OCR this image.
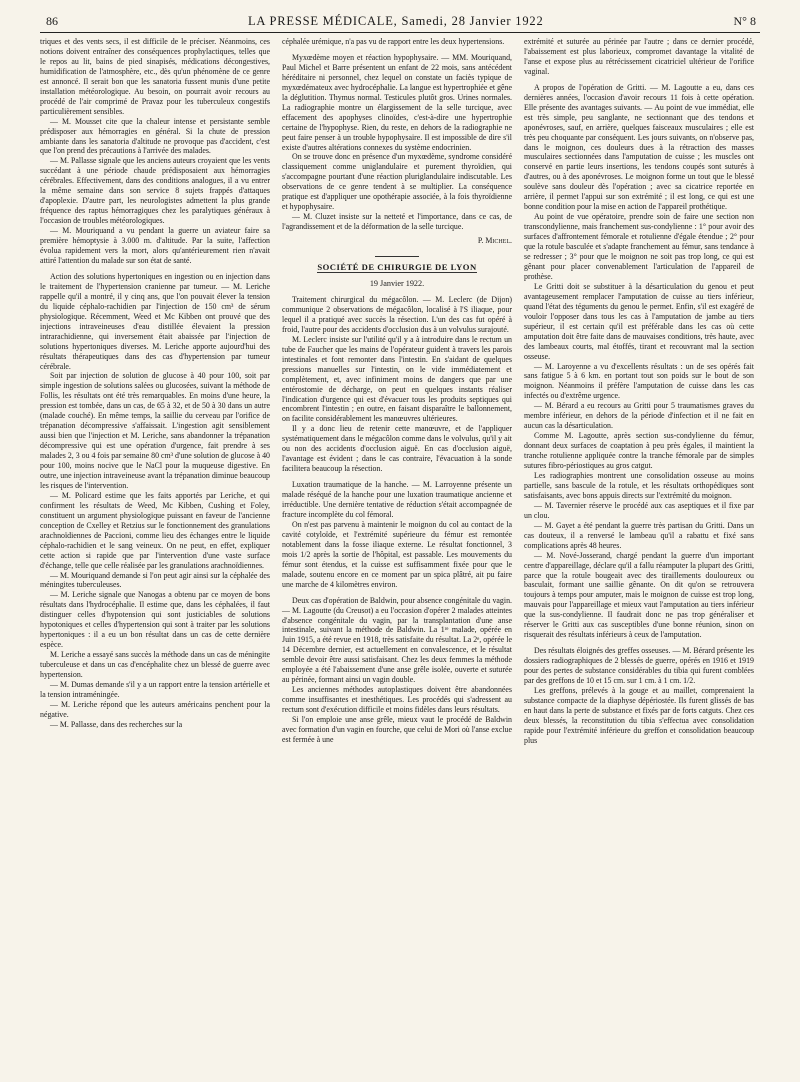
86	LA PRESSE MÉDICALE, Samedi, 28 Janvier 1922	N° 8

triques et des vents secs, il est difficile de le préciser. Néanmoins, ces notions doivent entraîner des conséquences prophylactiques, telles que le repos au lit, bains de pied sinapisés, médications décongestives, humidification de l'atmosphère, etc., dès qu'un phénomène de ce genre est annoncé. Il serait bon que les sanatoria fussent munis d'une petite installation météorologique. Au besoin, on pourrait avoir recours au procédé de l'air comprimé de Pravaz pour les tuberculeux congestifs particulièrement sensibles.

— M. Mousset cite que la chaleur intense et persistante semble prédisposer aux hémorragies en général. Si la chute de pression ambiante dans les sanatoria d'altitude ne provoque pas d'accident, c'est que l'on prend des précautions à l'arrivée des malades.

— M. Pallasse signale que les anciens auteurs croyaient que les vents succédant à une période chaude prédisposaient aux hémorragies cérébrales. Effectivement, dans des conditions analogues, il a vu entrer la même semaine dans son service 8 sujets frappés d'attaques d'apoplexie. D'autre part, les neurologistes admettent la plus grande fréquence des raptus hémorragiques chez les paralytiques généraux à l'occasion de troubles météorologiques.

— M. Mouriquand a vu pendant la guerre un aviateur faire sa première hémoptysie à 3.000 m. d'altitude. Par la suite, l'affection évolua rapidement vers la mort, alors qu'antérieurement rien n'avait attiré l'attention du malade sur son état de santé.

Action des solutions hypertoniques en ingestion ou en injection dans le traitement de l'hypertension cranienne par tumeur. — M. Leriche rappelle qu'il a montré, il y cinq ans, que l'on pouvait élever la tension du liquide céphalo-rachidien par l'injection de 150 cm³ de sérum physiologique. Récemment, Weed et Mc Kibben ont prouvé que des injections intraveineuses d'eau distillée élevaient la pression intrarachidienne, qui inversement était abaissée par l'injection de solutions hypertoniques diverses. M. Leriche apporte aujourd'hui des résultats thérapeutiques dans des cas d'hypertension par tumeur cérébrale.

Soit par injection de solution de glucose à 40 pour 100, soit par simple ingestion de solutions salées ou glucosées, suivant la méthode de Follis, les résultats ont été très remarquables. En moins d'une heure, la pression est tombée, dans un cas, de 65 à 32, et de 50 à 30 dans un autre (malade couché). En même temps, la saillie du cerveau par l'orifice de trépanation décompressive s'affaissait. L'ingestion agit sensiblement aussi bien que l'injection et M. Leriche, sans abandonner la trépanation décompressive qui est une opération d'urgence, fait prendre à ses malades 2, 3 ou 4 fois par semaine 80 cm³ d'une solution de glucose à 40 pour 100, moins nocive que le NaCl pour la muqueuse digestive. En outre, une injection intraveineuse avant la trépanation diminue beaucoup les risques de l'intervention.

— M. Policard estime que les faits apportés par Leriche, et qui confirment les résultats de Weed, Mc Kibben, Cushing et Foley, constituent un argument physiologique puissant en faveur de l'ancienne conception de Cxelley et Retzius sur le fonctionnement des granulations arachnoïdiennes de Paccioni, comme lieu des échanges entre le liquide céphalo-rachidien et le sang veineux. On ne peut, en effet, expliquer cette action si rapide que par l'intervention d'une vaste surface d'échange, telle que celle réalisée par les granulations arachnoïdiennes.

— M. Mouriquand demande si l'on peut agir ainsi sur la céphalée des méningites tuberculeuses.

— M. Leriche signale que Nanogas a obtenu par ce moyen de bons résultats dans l'hydrocéphalie. Il estime que, dans les céphalées, il faut distinguer celles d'hypotension qui sont justiciables de solutions hypotoniques et celles d'hypertension qui sont à traiter par les solutions hypertoniques : il a eu un bon résultat dans un cas de cette dernière espèce.

M. Leriche a essayé sans succès la méthode dans un cas de méningite tuberculeuse et dans un cas d'encéphalite chez un blessé de guerre avec hypertension.

— M. Dumas demande s'il y a un rapport entre la tension artérielle et la tension intraméningée.

— M. Leriche répond que les auteurs américains penchent pour la négative.

— M. Pallasse, dans des recherches sur la

céphalée urémique, n'a pas vu de rapport entre les deux hypertensions.

Myxœdème moyen et réaction hypophysaire. — MM. Mouriquand, Paul Michel et Barre présentent un enfant de 22 mois, sans antécédent héréditaire ni personnel, chez lequel on constate un faciès typique de myxœdémateux avec hydrocéphalie. La langue est hypertrophiée et gêne la déglutition. Thymus normal. Testicules plutôt gros. Urines normales. La radiographie montre un élargissement de la selle turcique, avec effacement des apophyses clinoïdes, c'est-à-dire une hypertrophie certaine de l'hypophyse. Rien, du reste, en dehors de la radiographie ne peut faire penser à un trouble hypophysaire. Il est impossible de dire s'il existe d'autres altérations connexes du système endocrinien.

On se trouve donc en présence d'un myxœdème, syndrome considéré classiquement comme uniglandulaire et purement thyroïdien, qui s'accompagne pourtant d'une réaction pluriglandulaire indiscutable. Les observations de ce genre tendent à se multiplier. La conséquence pratique est d'appliquer une opothérapie associée, à la fois thyroïdienne et hypophysaire.

— M. Cluzet insiste sur la netteté et l'importance, dans ce cas, de l'agrandissement et de la déformation de la selle turcique.

P. Michel.

SOCIÉTÉ DE CHIRURGIE DE LYON
19 Janvier 1922.

Traitement chirurgical du mégacôlon. — M. Leclerc (de Dijon) communique 2 observations de mégacôlon, localisé à l'S iliaque, pour lequel il a pratiqué avec succès la résection. L'un des cas fut opéré à froid, l'autre pour des accidents d'occlusion dus à un volvulus surajouté.

M. Leclerc insiste sur l'utilité qu'il y a à introduire dans le rectum un tube de Faucher que les mains de l'opérateur guident à travers les parois intestinales et font remonter dans l'intestin. En s'aidant de quelques pressions manuelles sur l'intestin, on le vide immédiatement et complètement, et, avec infiniment moins de dangers que par une entérostomie de décharge, on peut en quelques instants réaliser l'indication d'urgence qui est d'évacuer tous les produits septiques qui encombrent l'intestin ; en outre, en faisant disparaître le ballonnement, on facilite considérablement les manœuvres ultérieures.

Il y a donc lieu de retenir cette manœuvre, et de l'appliquer systématiquement dans le mégacôlon comme dans le volvulus, qu'il y ait ou non des accidents d'occlusion aiguë. En cas d'occlusion aiguë, l'avantage est évident ; dans le cas contraire, l'évacuation à la sonde facilitera beaucoup la résection.

Luxation traumatique de la hanche. — M. Larroyenne présente un malade réséqué de la hanche pour une luxation traumatique ancienne et irréductible. Une dernière tentative de réduction s'était accompagnée de fracture incomplète du col fémoral.

On n'est pas parvenu à maintenir le moignon du col au contact de la cavité cotyloïde, et l'extrémité supérieure du fémur est remontée notablement dans la fosse iliaque externe. Le résultat fonctionnel, 3 mois 1/2 après la sortie de l'hôpital, est passable. Les mouvements du fémur sont étendus, et la cuisse est suffisamment fixée pour que le malade, soutenu encore en ce moment par un spica plâtré, ait pu faire une marche de 4 kilomètres environ.

Deux cas d'opération de Baldwin, pour absence congénitale du vagin. — M. Lagoutte (du Creusot) a eu l'occasion d'opérer 2 malades atteintes d'absence congénitale du vagin, par la transplantation d'une anse intestinale, suivant la méthode de Baldwin. La 1ʳᵉ malade, opérée en Juin 1915, a été revue en 1918, très satisfaite du résultat. La 2ᵉ, opérée le 14 Décembre dernier, est actuellement en convalescence, et le résultat semble devoir être aussi satisfaisant. Chez les deux femmes la méthode employée a été l'abaissement d'une anse grêle isolée, ouverte et suturée au périnée, formant ainsi un vagin double.

Les anciennes méthodes autoplastiques doivent être abandonnées comme insuffisantes et inesthétiques. Les procédés qui s'adressent au rectum sont d'exécution difficile et moins fidèles dans leurs résultats.

Si l'on emploie une anse grêle, mieux vaut le procédé de Baldwin avec formation d'un vagin en fourche, que celui de Mori où l'anse exclue est fermée à une

extrémité et suturée au périnée par l'autre ; dans ce dernier procédé, l'abaissement est plus laborieux, compromet davantage la vitalité de l'anse et expose plus au rétrécissement cicatriciel ultérieur de l'orifice vaginal.

A propos de l'opération de Gritti. — M. Lagoutte a eu, dans ces dernières années, l'occasion d'avoir recours 11 fois à cette opération. Elle présente des avantages suivants. — Au point de vue immédiat, elle est très simple, peu sanglante, ne sectionnant que des tendons et aponévroses, sauf, en arrière, quelques faisceaux musculaires ; elle est très peu choquante par conséquent. Les jours suivants, on n'observe pas, dans le moignon, ces douleurs dues à la rétraction des masses musculaires sectionnées dans l'amputation de cuisse ; les muscles ont conservé en partie leurs insertions, les tendons coupés sont suturés à d'autres, ou à des aponévroses. Le moignon forme un tout que le blessé soulève sans douleur dès l'opération ; avec sa cicatrice reportée en arrière, il permet l'appui sur son extrémité ; il est long, ce qui est une bonne condition pour la mise en action de l'appareil prothétique.

Au point de vue opératoire, prendre soin de faire une section non transcondylienne, mais franchement sus-condylienne : 1° pour avoir des surfaces d'affrontement fémorale et rotulienne d'égale étendue ; 2° pour que la rotule basculée et s'adapte franchement au fémur, sans tendance à se redresser ; 3° pour que le moignon ne soit pas trop long, ce qui est gênant pour placer convenablement l'articulation de l'appareil de prothèse.

Le Gritti doit se substituer à la désarticulation du genou et peut avantageusement remplacer l'amputation de cuisse au tiers inférieur, quand l'état des téguments du genou le permet. Enfin, s'il est exagéré de vouloir l'opposer dans tous les cas à l'amputation de jambe au tiers supérieur, il est certain qu'il est préférable dans les cas où cette amputation doit être faite dans de mauvaises conditions, très haute, avec des lambeaux courts, mal étoffés, tirant et recouvrant mal la section osseuse.

— M. Laroyenne a vu d'excellents résultats : un de ses opérés fait sans fatigue 5 à 6 km. en portant tout son poids sur le bout de son moignon. Néanmoins il préfère l'amputation de cuisse dans les cas infectés ou d'extrême urgence.

— M. Bérard a eu recours au Gritti pour 5 traumatismes graves du membre inférieur, en dehors de la période d'infection et il ne fait en aucun cas la désarticulation.

Comme M. Lagoutte, après section sus-condylienne du fémur, donnant deux surfaces de coaptation à peu près égales, il maintient la tranche rotulienne appliquée contre la tranche fémorale par de simples sutures fibro-périostiques au gros catgut.

Les radiographies montrent une consolidation osseuse au moins partielle, sans bascule de la rotule, et les résultats orthopédiques sont satisfaisants, avec bons appuis directs sur l'extrémité du moignon.

— M. Tavernier réserve le procédé aux cas aseptiques et il fixe par un clou.

— M. Gayet a été pendant la guerre très partisan du Gritti. Dans un cas douteux, il a renversé le lambeau qu'il a rabattu et fixé sans complications après 48 heures.

— M. Nové-Josserand, chargé pendant la guerre d'un important centre d'appareillage, déclare qu'il a fallu réamputer la plupart des Gritti, parce que la rotule bougeait avec des tiraillements douloureux ou basculait, formant une saillie gênante. On dit qu'on se retrouvera toujours à temps pour amputer, mais le moignon de cuisse est trop long, mauvais pour l'appareillage et mieux vaut l'amputation au tiers inférieur que la sus-condylienne. Il faudrait donc ne pas trop généraliser et réserver le Gritti aux cas susceptibles d'une bonne réunion, sinon on risquerait des résultats inférieurs à ceux de l'amputation.

Des résultats éloignés des greffes osseuses. — M. Bérard présente les dossiers radiographiques de 2 blessés de guerre, opérés en 1916 et 1919 pour des pertes de substance considérables du tibia qui furent comblées par des greffons de 10 et 15 cm. sur 1 cm. à 1 cm. 1/2.

Les greffons, prélevés à la gouge et au maillet, comprenaient la substance compacte de la diaphyse dépériostée. Ils furent glissés de bas en haut dans la perte de substance et fixés par de forts catguts. Chez ces deux blessés, la reconstitution du tibia s'effectua avec consolidation rapide pour l'extrémité inférieure du greffon et consolidation beaucoup plus
